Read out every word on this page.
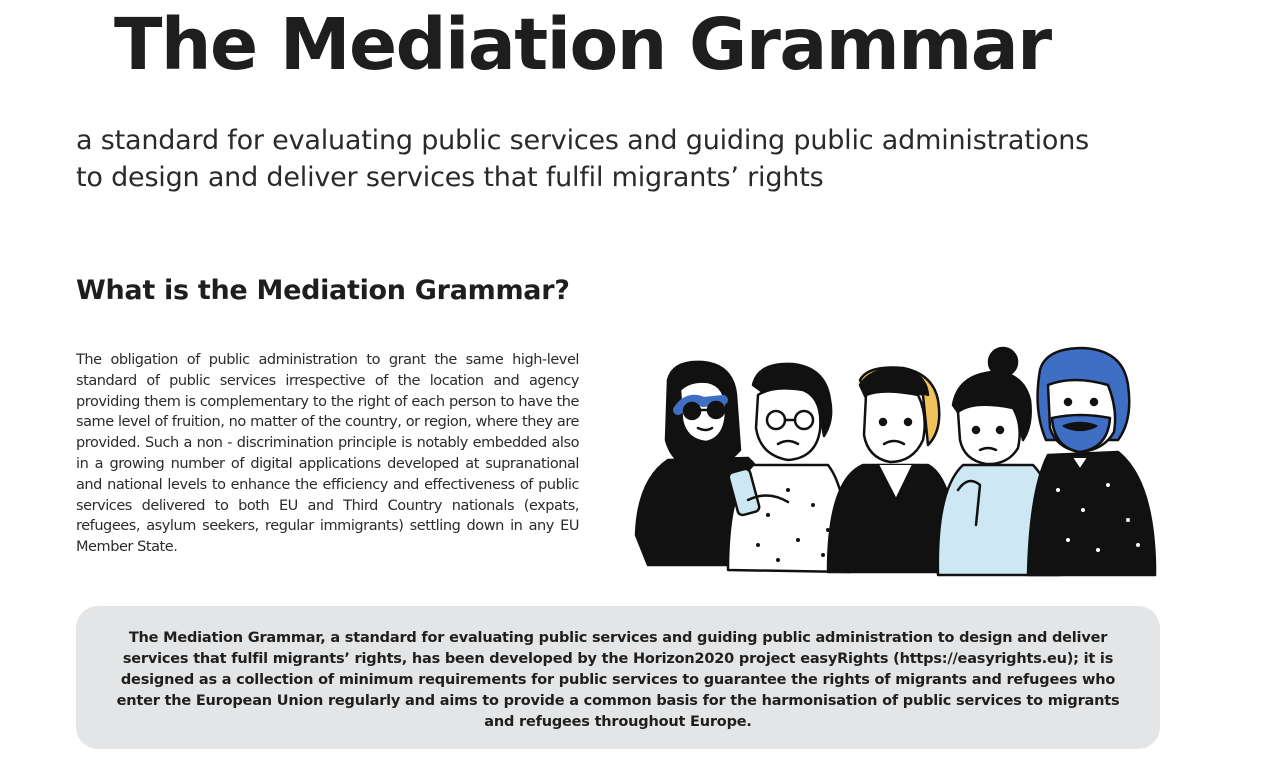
The Mediation Grammar
a standard for evaluating public services and guiding public administrations
to design and deliver services that fulfil migrants’ rights
What is the Mediation Grammar?

The obligation of public administration to grant the same high-level standard of public services irrespective of the location and agency providing them is complementary to the right of each person to have the same level of fruition, no matter of the country, or region, where they are provided. Such a non - discrimination principle is notably embedded also in a growing number of digital applications developed at supranational and national levels to enhance the efficiency and effectiveness of public services delivered to both EU and Third Country nationals (expats, refugees, asylum seekers, regular immigrants) settling down in any EU Member State.

The Mediation Grammar, a standard for evaluating public services and guiding public administration to design and deliver services that fulfil migrants’ rights, has been developed by the Horizon2020 project easyRights (https://easyrights.eu); it is designed as a collection of minimum requirements for public services to guarantee the rights of migrants and refugees who enter the European Union regularly and aims to provide a common basis for the harmonisation of public services to migrants and refugees throughout Europe.
